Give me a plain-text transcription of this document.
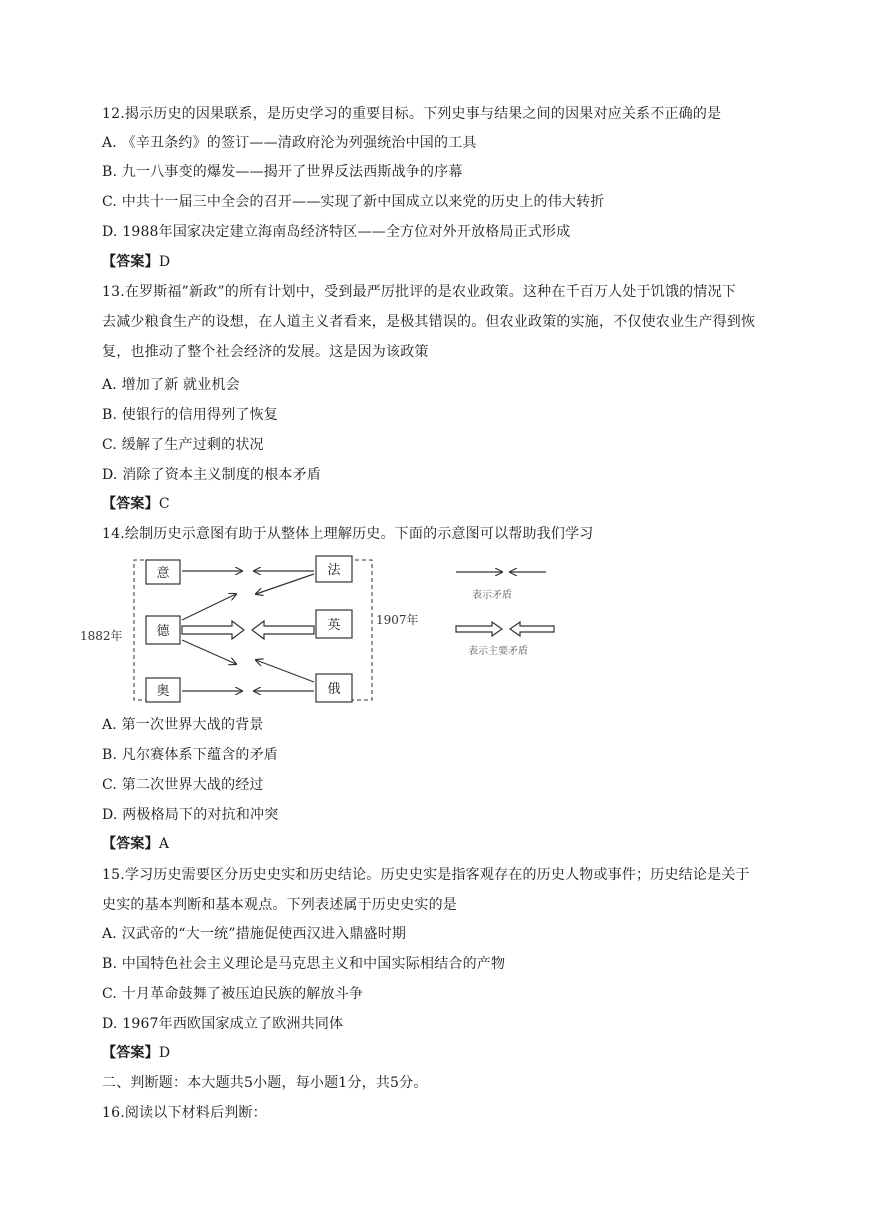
12.揭示历史的因果联系，是历史学习的重要目标。下列史事与结果之间的因果对应关系不正确的是
A. 《辛丑条约》的签订——清政府沦为列强统治中国的工具
B. 九一八事变的爆发——揭开了世界反法西斯战争的序幕
C. 中共十一届三中全会的召开——实现了新中国成立以来党的历史上的伟大转折
D. 1988年国家决定建立海南岛经济特区——全方位对外开放格局正式形成
【答案】D
13.在罗斯福”新政”的所有计划中，受到最严厉批评的是农业政策。这种在千百万人处于饥饿的情况下
去减少粮食生产的设想，在人道主义者看来，是极其错误的。但农业政策的实施，不仅使农业生产得到恢
复，也推动了整个社会经济的发展。这是因为该政策
A. 增加了新 就业机会
B. 使银行的信用得列了恢复
C. 缓解了生产过剩的状况
D. 消除了资本主义制度的根本矛盾
【答案】C
14.绘制历史示意图有助于从整体上理解历史。下面的示意图可以帮助我们学习
1882年
1907年
意
德
奥
法
英
俄
表示矛盾
表示主要矛盾
A. 第一次世界大战的背景
B. 凡尔赛体系下蕴含的矛盾
C. 第二次世界大战的经过
D. 两极格局下的对抗和冲突
【答案】A
15.学习历史需要区分历史史实和历史结论。历史史实是指客观存在的历史人物或事件；历史结论是关于
史实的基本判断和基本观点。下列表述属于历史史实的是
A. 汉武帝的“大一统”措施促使西汉进入鼎盛时期
B. 中国特色社会主义理论是马克思主义和中国实际相结合的产物
C. 十月革命鼓舞了被压迫民族的解放斗争
D. 1967年西欧国家成立了欧洲共同体
【答案】D
二、判断题：本大题共5小题，每小题1分，共5分。
16.阅读以下材料后判断：
